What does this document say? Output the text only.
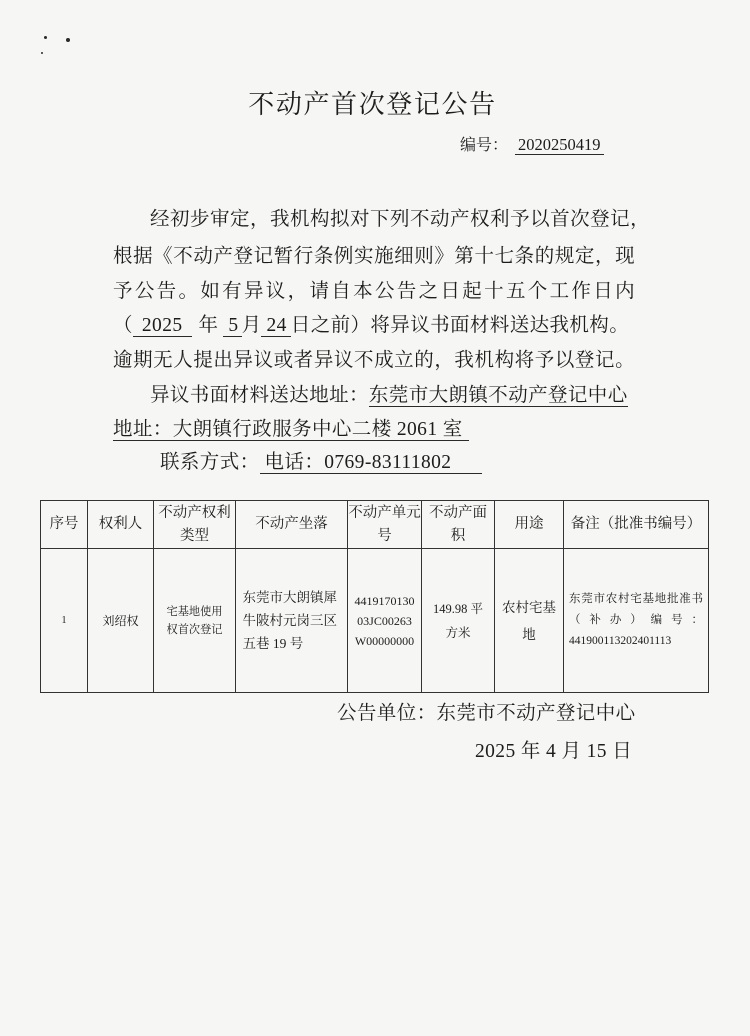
不动产首次登记公告
编号： 2020250419
经初步审定，我机构拟对下列不动产权利予以首次登记，
根据《不动产登记暂行条例实施细则》第十七条的规定，现
予公告。如有异议，请自本公告之日起十五个工作日内
（ 2025 年 5 月 24 日之前）将异议书面材料送达我机构。
逾期无人提出异议或者异议不成立的，我机构将予以登记。
异议书面材料送达地址：东莞市大朗镇不动产登记中心
地址：大朗镇行政服务中心二楼 2061 室
联系方式： 电话：0769-83111802
序号	权利人	不动产权利类型	不动产坐落	不动产单元号	不动产面积	用途	备注（批准书编号）

1	刘绍权	宅基地使用权首次登记	东莞市大朗镇犀牛陂村元岗三区五巷 19 号	441917013003JC00263W00000000	149.98 平方米	农村宅基地	东莞市农村宅基地批准书（补办）编号：441900113202401113
公告单位：东莞市不动产登记中心
2025 年 4 月 15 日
